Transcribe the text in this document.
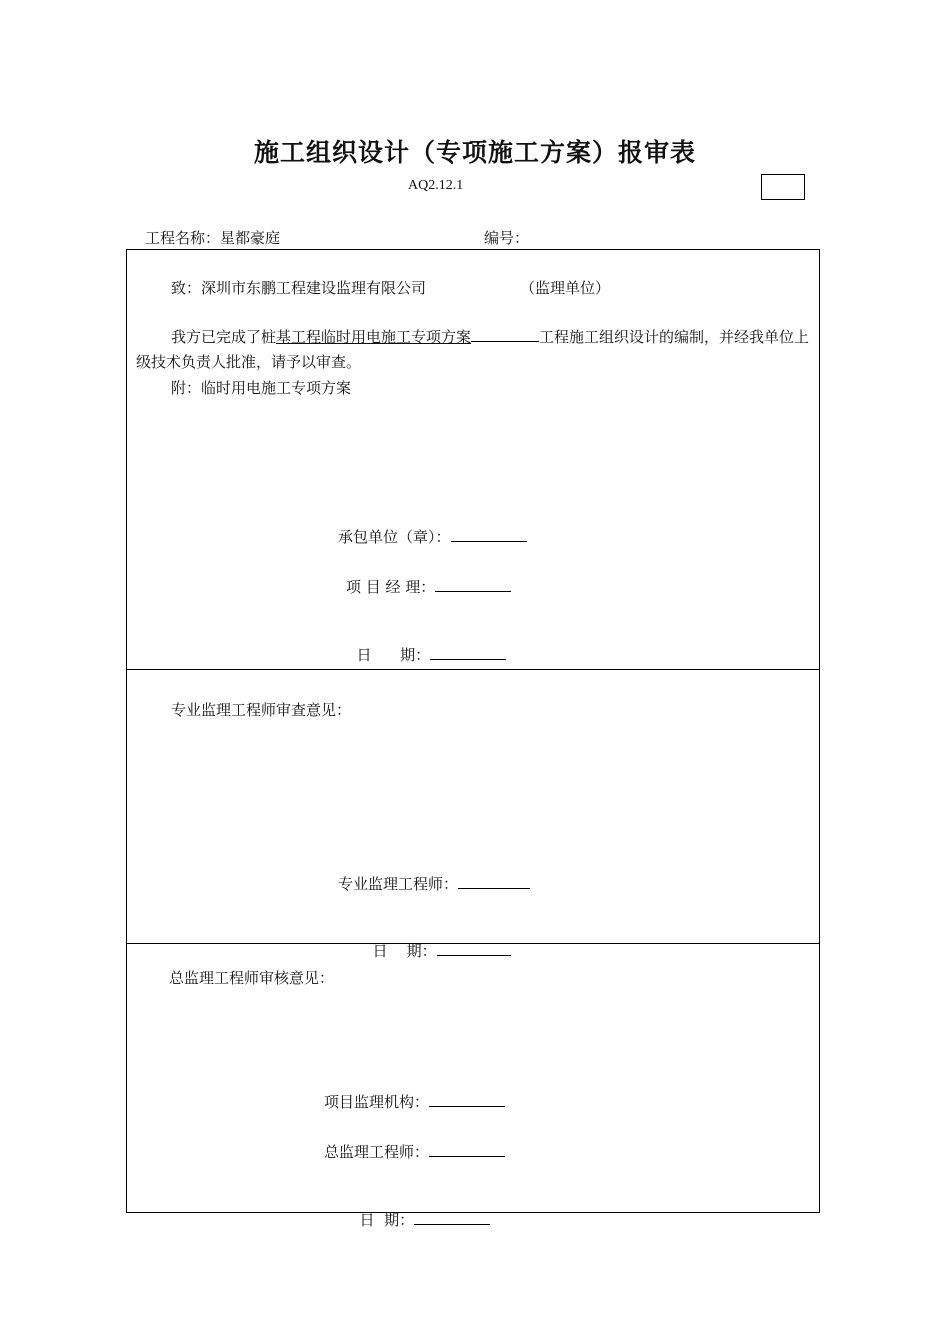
施工组织设计（专项施工方案）报审表
AQ2.12.1
工程名称：星都豪庭	编号：
致：深圳市东鹏工程建设监理有限公司	（监理单位）
我方已完成了桩基工程临时用电施工专项方案	工程施工组织设计的编制，并经我单位上级技术负责人批准，请予以审查。
附：临时用电施工专项方案
承包单位（章）：
项 目 经 理：

日      期：

专业监理工程师审查意见：
专业监理工程师：

日    期：

总监理工程师审核意见：
项目监理机构：
总监理工程师：

日  期：
